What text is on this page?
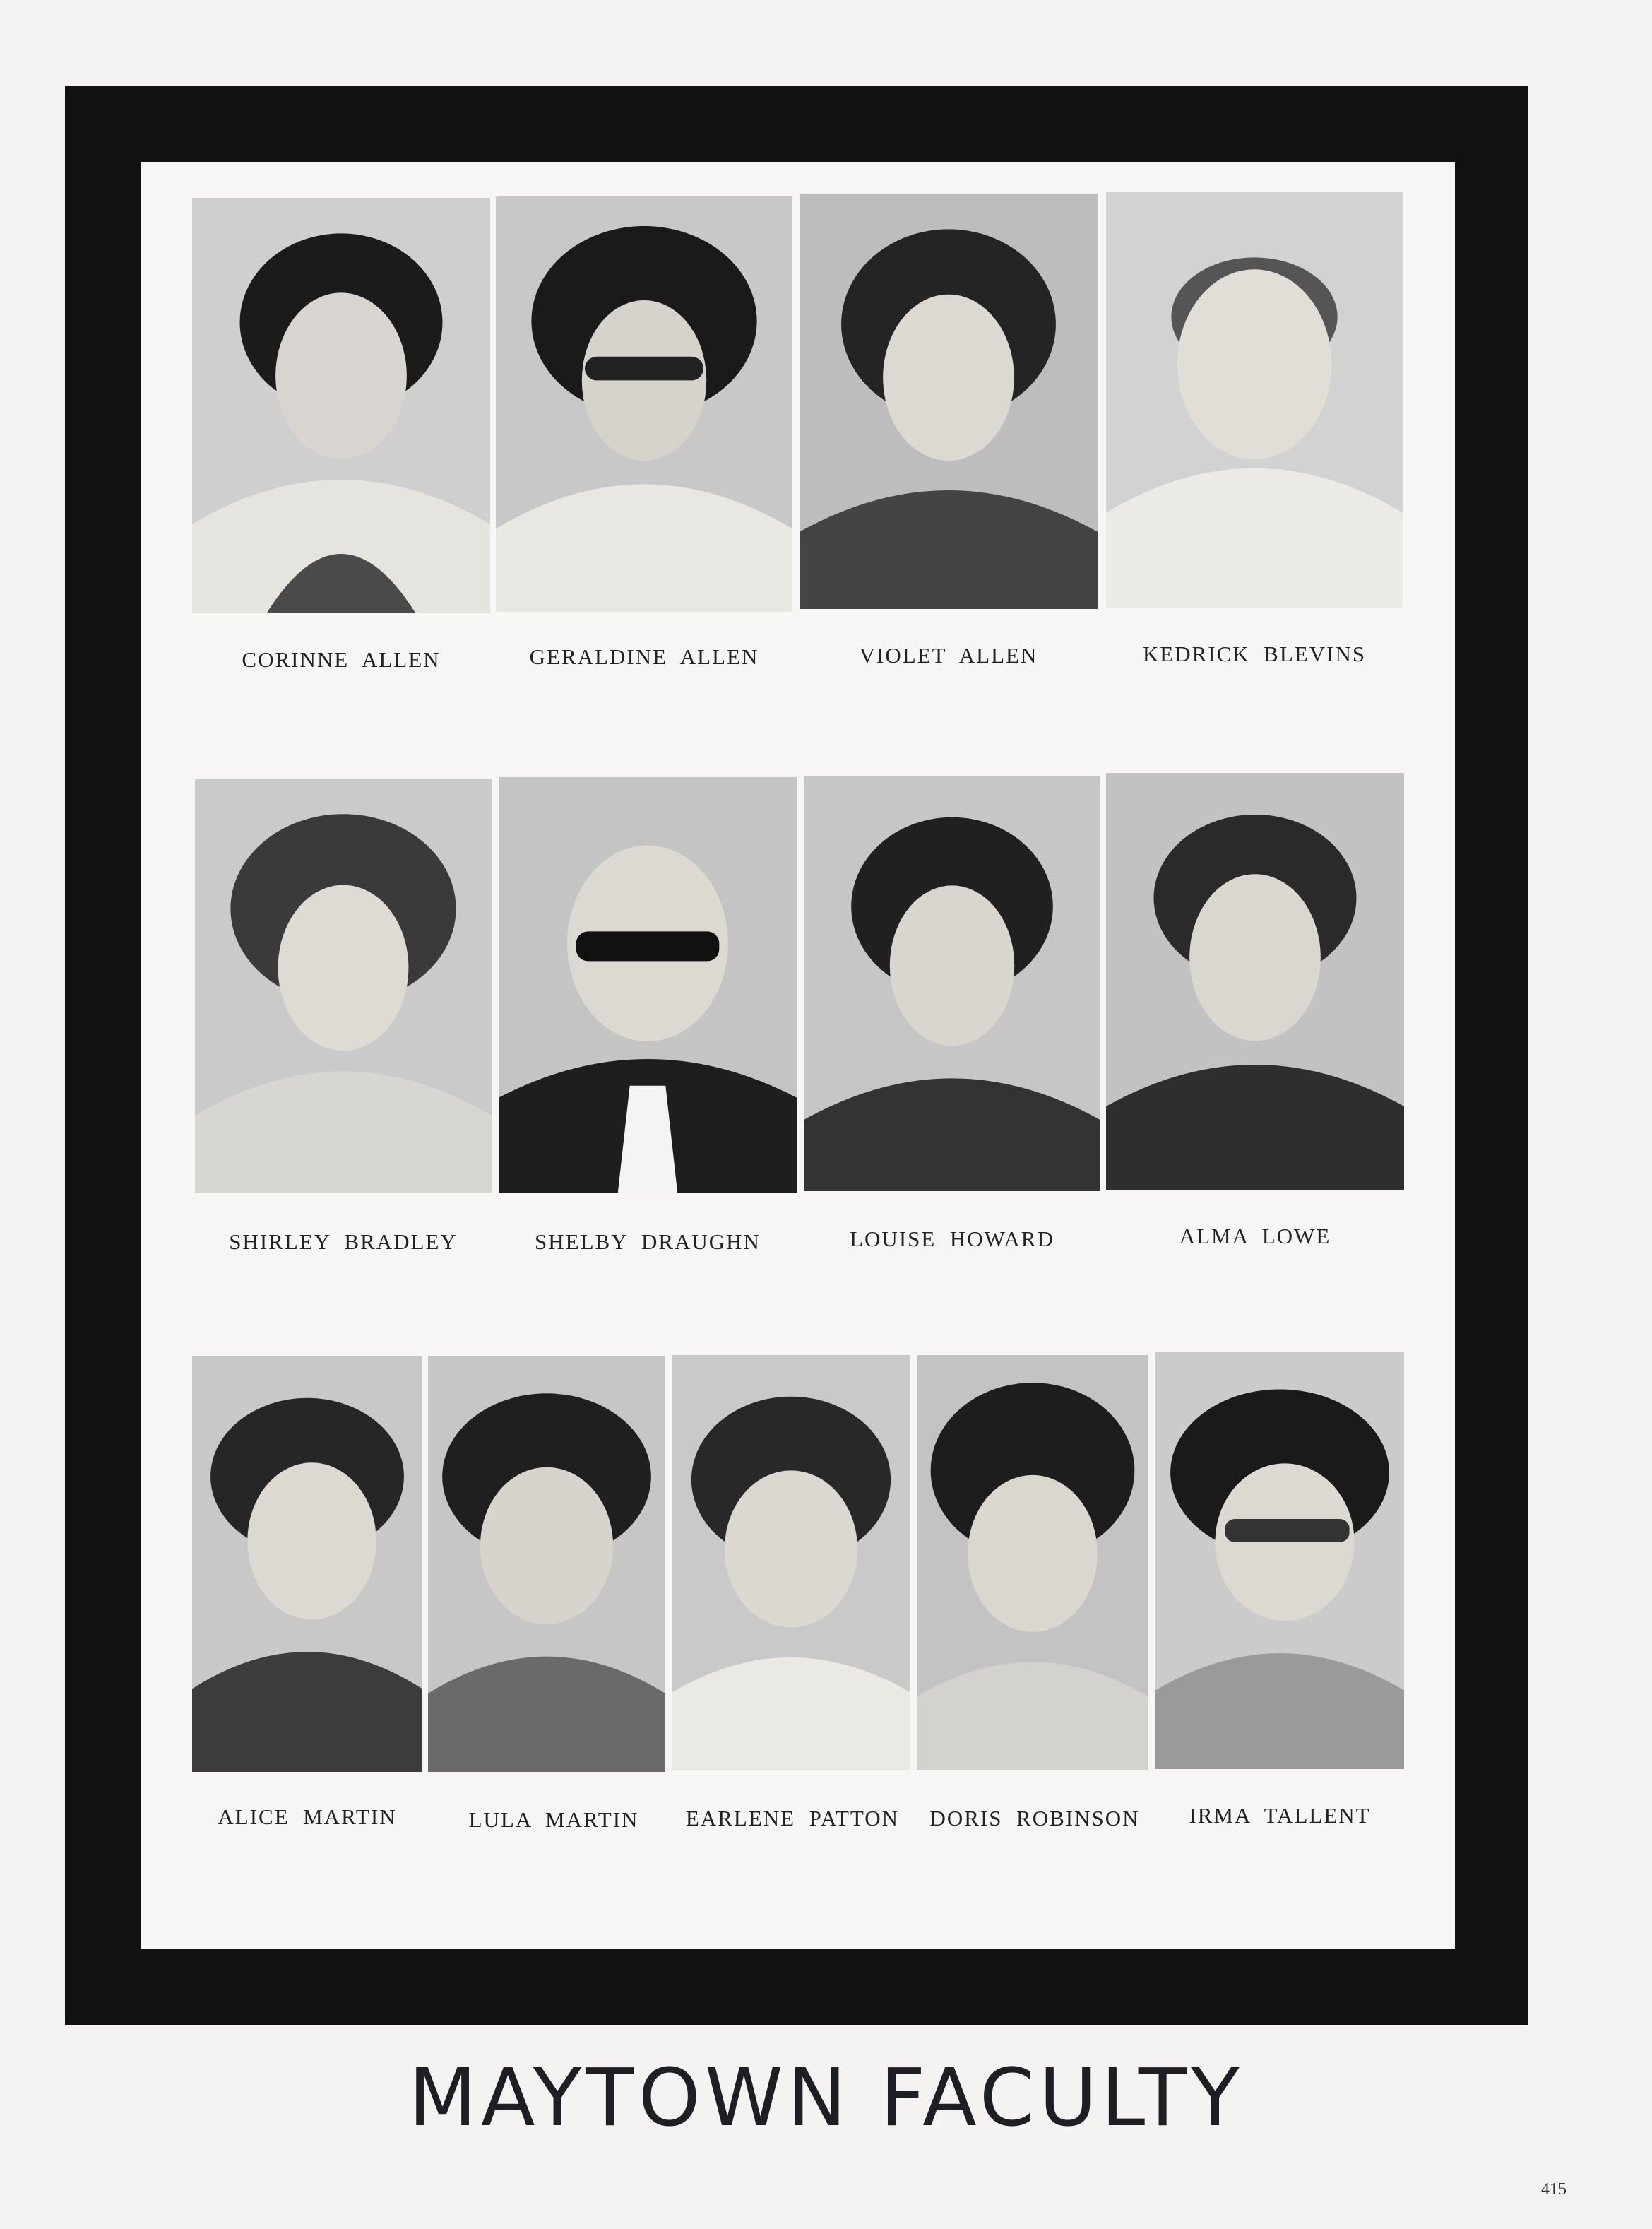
CORINNE  ALLEN	GERALDINE  ALLEN	VIOLET  ALLEN	KEDRICK  BLEVINS
SHIRLEY  BRADLEY	SHELBY  DRAUGHN	LOUISE  HOWARD	ALMA  LOWE
ALICE  MARTIN	LULA  MARTIN	EARLENE  PATTON	DORIS  ROBINSON	IRMA  TALLENT
MAYTOWN FACULTY
415
